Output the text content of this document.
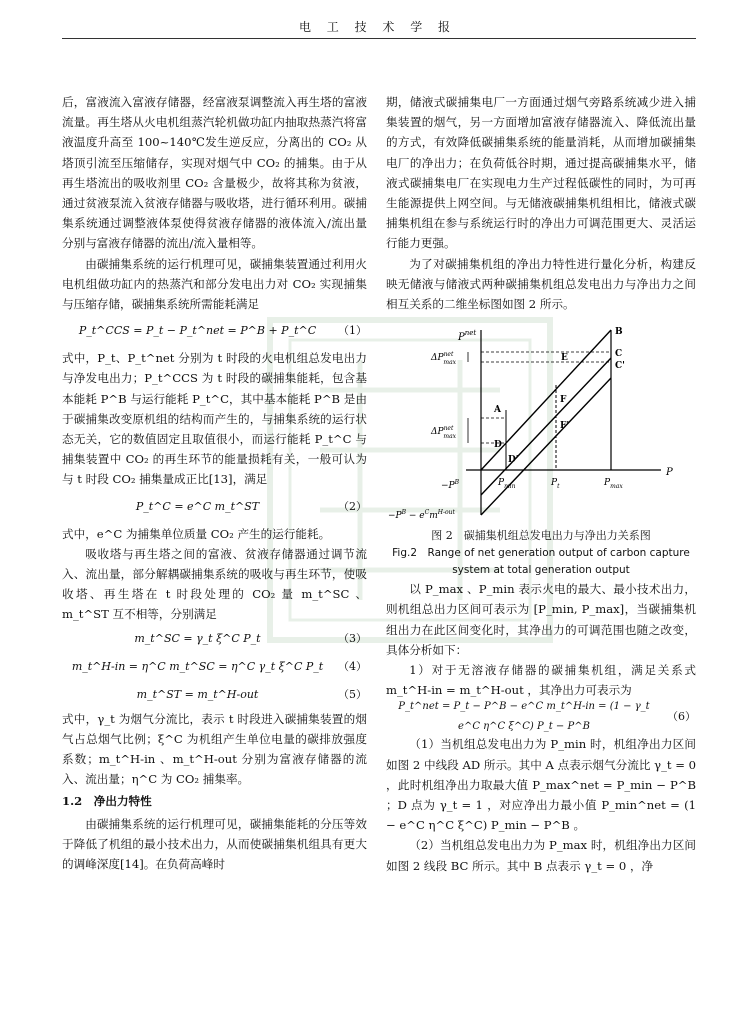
电 工 技 术 学 报

后，富液流入富液存储器，经富液泵调整流入再生塔的富液流量。再生塔从火电机组蒸汽轮机做功缸内抽取热蒸汽将富液温度升高至 100~140℃发生逆反应，分离出的 CO₂ 从塔顶引流至压缩储存，实现对烟气中 CO₂ 的捕集。由于从再生塔流出的吸收剂里 CO₂ 含量极少，故将其称为贫液，通过贫液泵流入贫液存储器与吸收塔，进行循环利用。碳捕集系统通过调整液体泵使得贫液存储器的液体流入/流出量分别与富液存储器的流出/流入量相等。

由碳捕集系统的运行机理可见，碳捕集装置通过利用火电机组做功缸内的热蒸汽和部分发电出力对 CO₂ 实现捕集与压缩存储，碳捕集系统所需能耗满足

P_t^CCS = P_t − P_t^net = P^B + P_t^C	（1）

式中，P_t、P_t^net 分别为 t 时段的火电机组总发电出力与净发电出力；P_t^CCS 为 t 时段的碳捕集能耗，包含基本能耗 P^B 与运行能耗 P_t^C，其中基本能耗 P^B 是由于碳捕集改变原机组的结构而产生的，与捕集系统的运行状态无关，它的数值固定且取值很小，而运行能耗 P_t^C 与捕集装置中 CO₂ 的再生环节的能量损耗有关，一般可认为与 t 时段 CO₂ 捕集量成正比[13]，满足

P_t^C = e^C m_t^ST	（2）

式中，e^C 为捕集单位质量 CO₂ 产生的运行能耗。

吸收塔与再生塔之间的富液、贫液存储器通过调节流入、流出量，部分解耦碳捕集系统的吸收与再生环节，使吸收塔、再生塔在 t 时段处理的 CO₂ 量 m_t^SC 、m_t^ST 互不相等，分别满足

m_t^SC = γ_t ξ^C P_t	（3）
m_t^H-in = η^C m_t^SC = η^C γ_t ξ^C P_t	（4）
m_t^ST = m_t^H-out	（5）

式中，γ_t 为烟气分流比，表示 t 时段进入碳捕集装置的烟气占总烟气比例；ξ^C 为机组产生单位电量的碳排放强度系数；m_t^H-in 、m_t^H-out 分别为富液存储器的流入、流出量；η^C 为 CO₂ 捕集率。

1.2　净出力特性

由碳捕集系统的运行机理可见，碳捕集能耗的分压等效于降低了机组的最小技术出力，从而使碳捕集机组具有更大的调峰深度[14]。在负荷高峰时

期，储液式碳捕集电厂一方面通过烟气旁路系统减少进入捕集装置的烟气，另一方面增加富液存储器流入、降低流出量的方式，有效降低碳捕集系统的能量消耗，从而增加碳捕集电厂的净出力；在负荷低谷时期，通过提高碳捕集水平，储液式碳捕集电厂在实现电力生产过程低碳性的同时，为可再生能源提供上网空间。与无储液碳捕集机组相比，储液式碳捕集机组在参与系统运行时的净出力可调范围更大、灵活运行能力更强。

为了对碳捕集机组的净出力特性进行量化分析，构建反映无储液与储液式两种碳捕集机组总发电出力与净出力之间相互关系的二维坐标图如图 2 所示。

$P^{net}$
P
B
C
C'
E
F
F'
A
D
D'
$\Delta P^{net}$ max
$\Delta P^{net}$ max
$-P^B$	$P_{min}$	$P_t$	$P_{max}$
$-P^B - e^Cm^{H-out}$

图 2　碳捕集机组总发电出力与净出力关系图

Fig.2　Range of net generation output of carbon capture

system at total generation output

以 P_max 、P_min 表示火电的最大、最小技术出力，则机组总出力区间可表示为 [P_min, P_max]，当碳捕集机组出力在此区间变化时，其净出力的可调范围也随之改变，具体分析如下：

1）对于无溶液存储器的碳捕集机组，满足关系式 m_t^H-in = m_t^H-out ，其净出力可表示为

P_t^net = P_t − P^B − e^C m_t^H-in = (1 − γ_t e^C η^C ξ^C) P_t − P^B
（6）

（1）当机组总发电出力为 P_min 时，机组净出力区间如图 2 中线段 AD 所示。其中 A 点表示烟气分流比 γ_t = 0 ，此时机组净出力取最大值 P_max^net = P_min − P^B ；D 点为 γ_t = 1 ，对应净出力最小值 P_min^net = (1 − e^C η^C ξ^C) P_min − P^B 。

（2）当机组总发电出力为 P_max 时，机组净出力区间如图 2 线段 BC 所示。其中 B 点表示 γ_t = 0 ，净
